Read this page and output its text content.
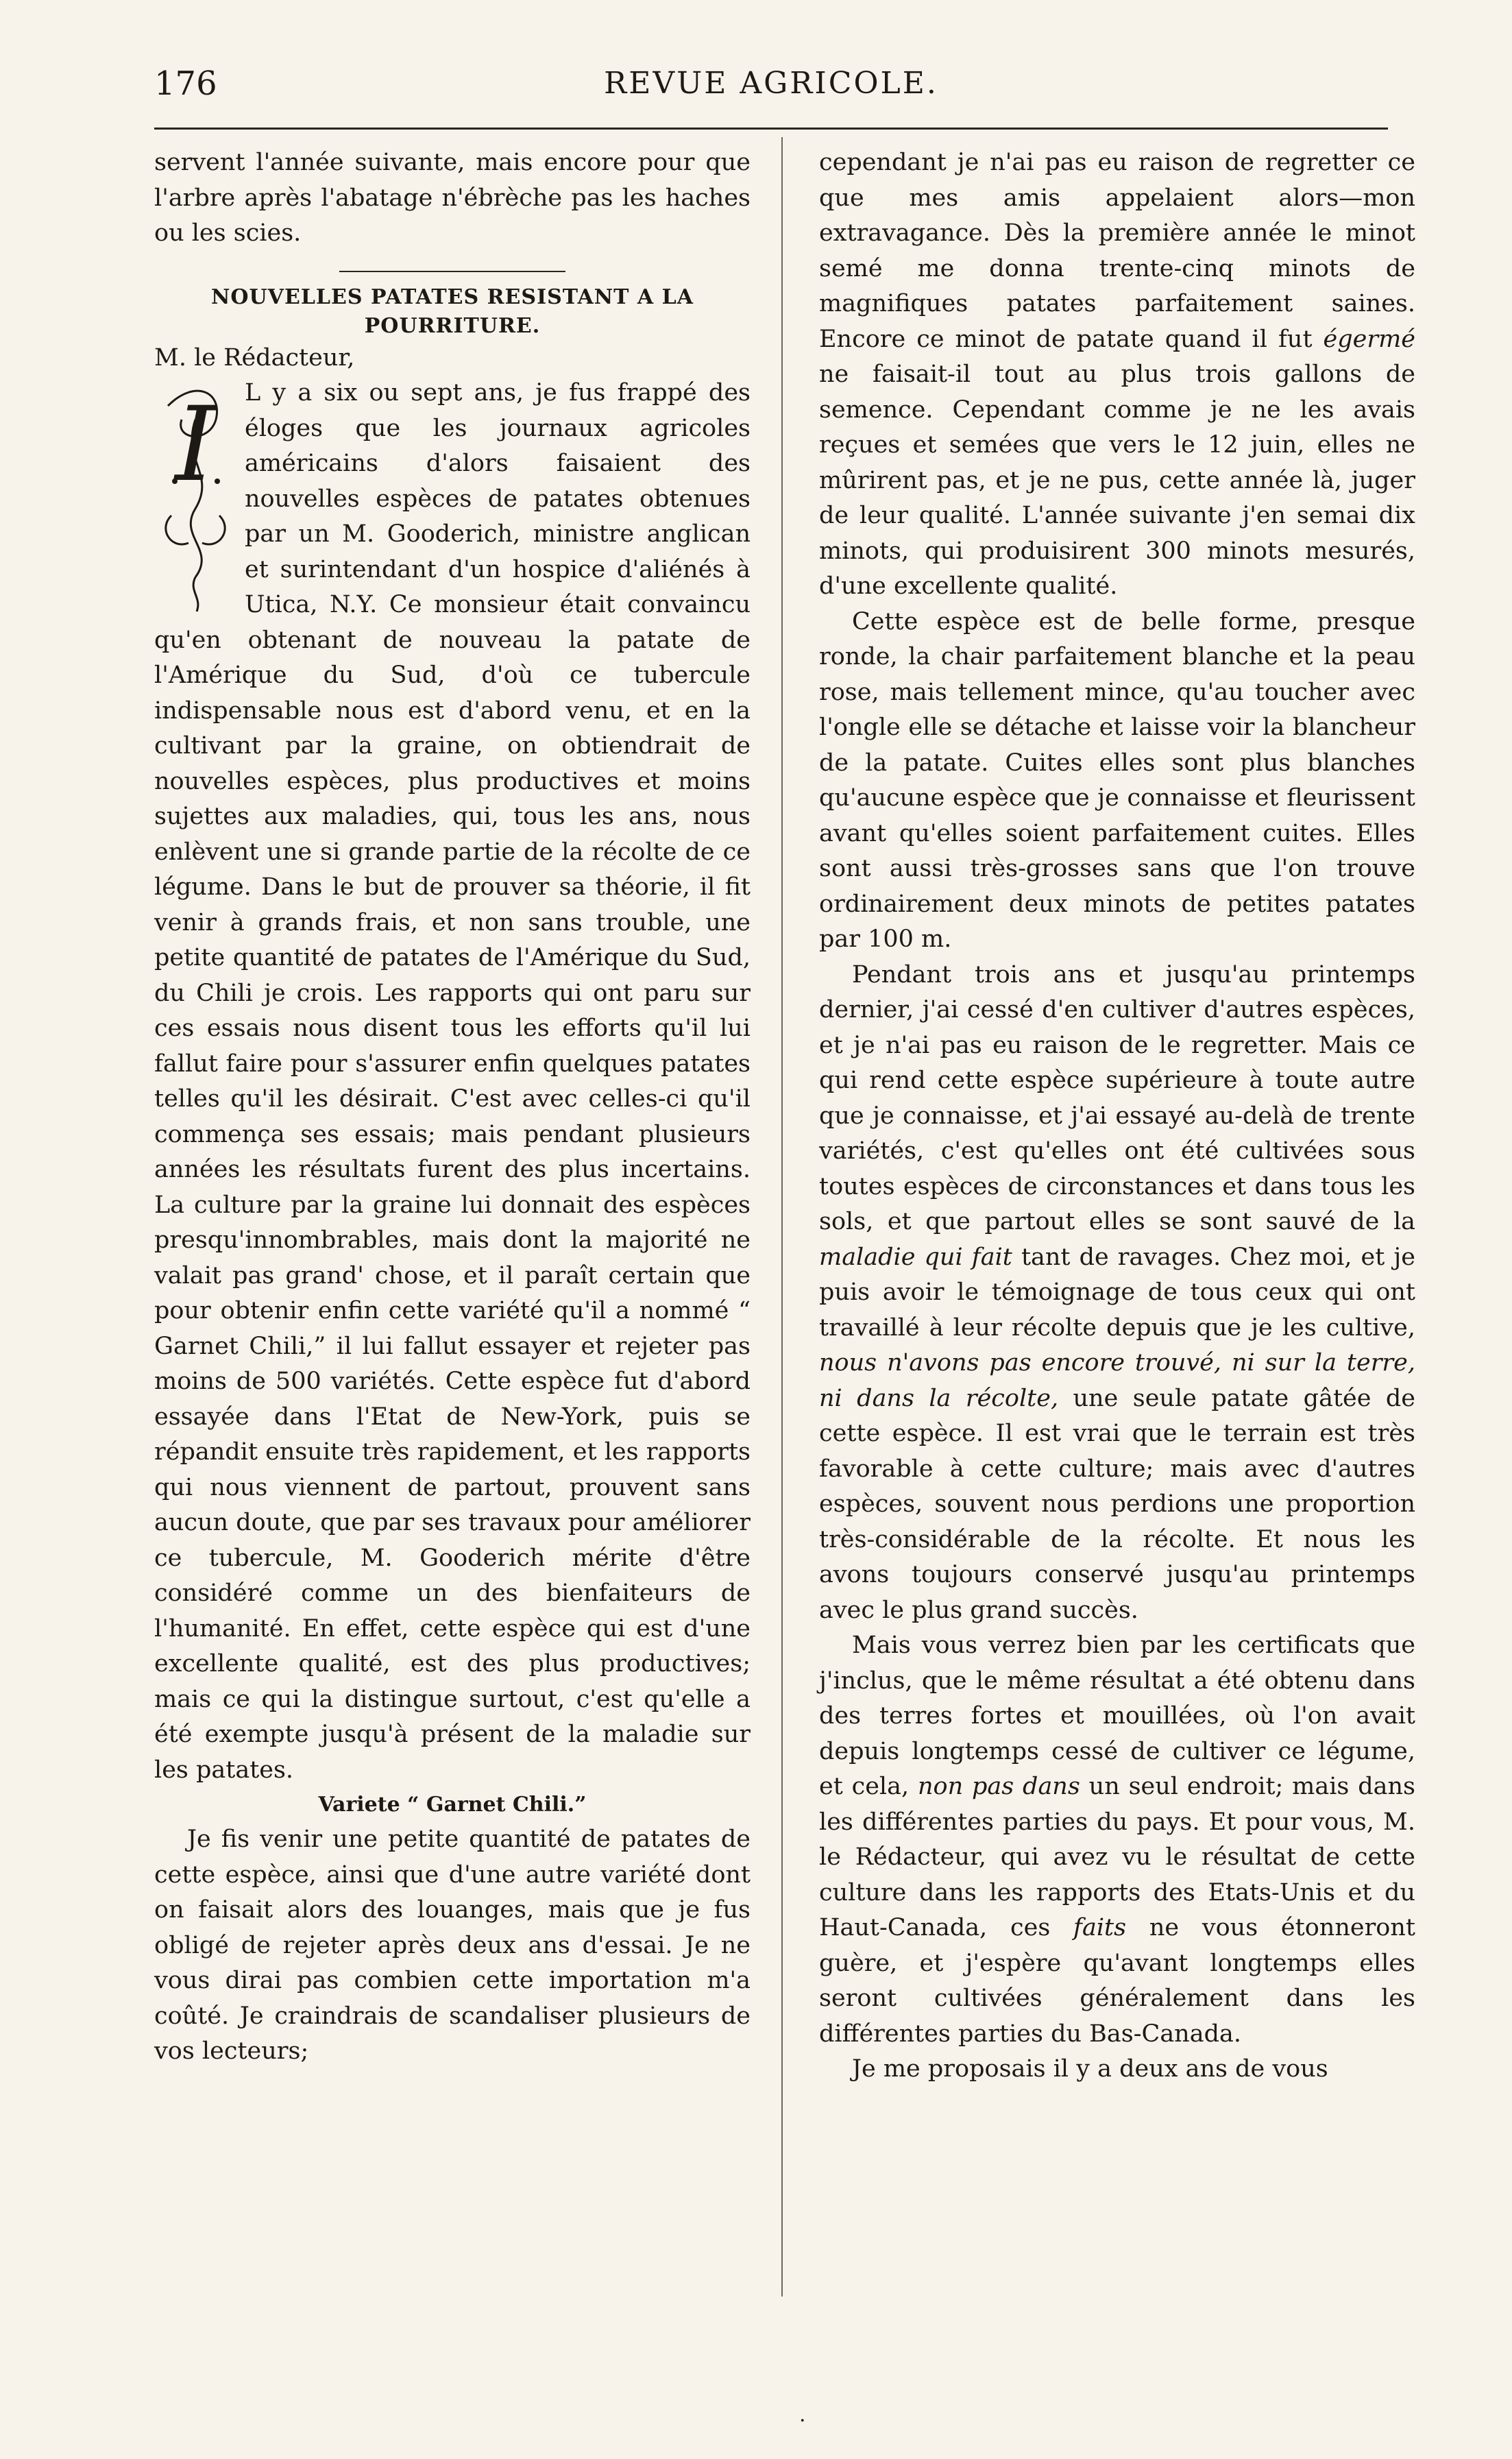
176	REVUE AGRICOLE.

servent l'année suivante, mais encore pour que l'arbre après l'abatage n'ébrèche pas les haches ou les scies.

NOUVELLES PATATES RESISTANT A LA POURRITURE.

M. le Rédacteur,

I	L y a six ou sept ans, je fus frappé des éloges que les journaux agricoles américains d'alors faisaient des nouvelles espèces de patates obtenues par un M. Gooderich, ministre anglican et surintendant d'un hospice d'aliénés à Utica, N.Y. Ce monsieur était convaincu qu'en obtenant de nouveau la patate de l'Amérique du Sud, d'où ce tubercule indispensable nous est d'abord venu, et en la cultivant par la graine, on obtiendrait de nouvelles espèces, plus productives et moins sujettes aux maladies, qui, tous les ans, nous enlèvent une si grande partie de la récolte de ce légume. Dans le but de prouver sa théorie, il fit venir à grands frais, et non sans trouble, une petite quantité de patates de l'Amérique du Sud, du Chili je crois. Les rapports qui ont paru sur ces essais nous disent tous les efforts qu'il lui fallut faire pour s'assurer enfin quelques patates telles qu'il les désirait. C'est avec celles-ci qu'il commença ses essais; mais pendant plusieurs années les résultats furent des plus incertains. La culture par la graine lui donnait des espèces presqu'innombrables, mais dont la majorité ne valait pas grand' chose, et il paraît certain que pour obtenir enfin cette variété qu'il a nommé “ Garnet Chili,” il lui fallut essayer et rejeter pas moins de 500 variétés. Cette espèce fut d'abord essayée dans l'Etat de New-York, puis se répandit ensuite très rapidement, et les rapports qui nous viennent de partout, prouvent sans aucun doute, que par ses travaux pour améliorer ce tubercule, M. Gooderich mérite d'être considéré comme un des bienfaiteurs de l'humanité. En effet, cette espèce qui est d'une excellente qualité, est des plus productives; mais ce qui la distingue surtout, c'est qu'elle a été exempte jusqu'à présent de la maladie sur les patates.

Variete “ Garnet Chili.”

Je fis venir une petite quantité de patates de cette espèce, ainsi que d'une autre variété dont on faisait alors des louanges, mais que je fus obligé de rejeter après deux ans d'essai. Je ne vous dirai pas combien cette importation m'a coûté. Je craindrais de scandaliser plusieurs de vos lecteurs;

cependant je n'ai pas eu raison de regretter ce que mes amis appelaient alors—mon extravagance. Dès la première année le minot semé me donna trente-cinq minots de magnifiques patates parfaitement saines. Encore ce minot de patate quand il fut égermé ne faisait-il tout au plus trois gallons de semence. Cependant comme je ne les avais reçues et semées que vers le 12 juin, elles ne mûrirent pas, et je ne pus, cette année là, juger de leur qualité. L'année suivante j'en semai dix minots, qui produisirent 300 minots mesurés, d'une excellente qualité.

Cette espèce est de belle forme, presque ronde, la chair parfaitement blanche et la peau rose, mais tellement mince, qu'au toucher avec l'ongle elle se détache et laisse voir la blancheur de la patate. Cuites elles sont plus blanches qu'aucune espèce que je connaisse et fleurissent avant qu'elles soient parfaitement cuites. Elles sont aussi très-grosses sans que l'on trouve ordinairement deux minots de petites patates par 100 m.

Pendant trois ans et jusqu'au printemps dernier, j'ai cessé d'en cultiver d'autres espèces, et je n'ai pas eu raison de le regretter. Mais ce qui rend cette espèce supérieure à toute autre que je connaisse, et j'ai essayé au-delà de trente variétés, c'est qu'elles ont été cultivées sous toutes espèces de circonstances et dans tous les sols, et que partout elles se sont sauvé de la maladie qui fait tant de ravages. Chez moi, et je puis avoir le témoignage de tous ceux qui ont travaillé à leur récolte depuis que je les cultive, nous n'avons pas encore trouvé, ni sur la terre, ni dans la récolte, une seule patate gâtée de cette espèce. Il est vrai que le terrain est très favorable à cette culture; mais avec d'autres espèces, souvent nous perdions une proportion très-considérable de la récolte. Et nous les avons toujours conservé jusqu'au printemps avec le plus grand succès.

Mais vous verrez bien par les certificats que j'inclus, que le même résultat a été obtenu dans des terres fortes et mouillées, où l'on avait depuis longtemps cessé de cultiver ce légume, et cela, non pas dans un seul endroit; mais dans les différentes parties du pays. Et pour vous, M. le Rédacteur, qui avez vu le résultat de cette culture dans les rapports des Etats-Unis et du Haut-Canada, ces faits ne vous étonneront guère, et j'espère qu'avant longtemps elles seront cultivées généralement dans les différentes parties du Bas-Canada.

Je me proposais il y a deux ans de vous

.
